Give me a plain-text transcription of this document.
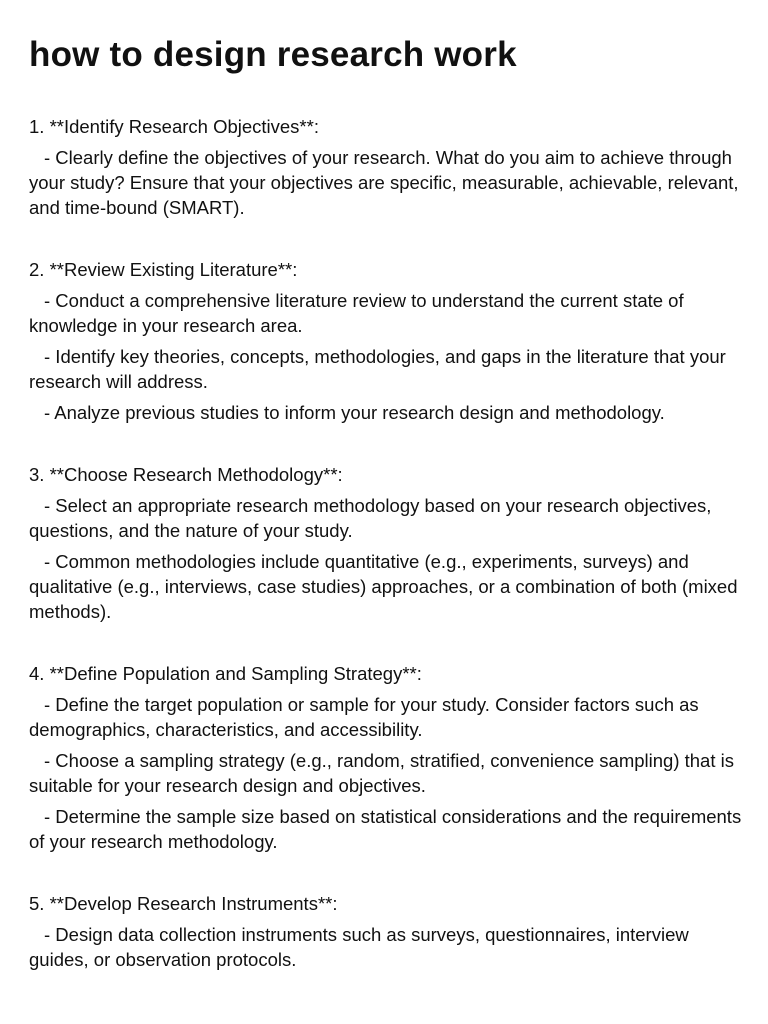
how to design research work
1. **Identify Research Objectives**:
- Clearly define the objectives of your research. What do you aim to achieve through your study? Ensure that your objectives are specific, measurable, achievable, relevant, and time-bound (SMART).
2. **Review Existing Literature**:
- Conduct a comprehensive literature review to understand the current state of knowledge in your research area.
- Identify key theories, concepts, methodologies, and gaps in the literature that your research will address.
- Analyze previous studies to inform your research design and methodology.
3. **Choose Research Methodology**:
- Select an appropriate research methodology based on your research objectives, questions, and the nature of your study.
- Common methodologies include quantitative (e.g., experiments, surveys) and qualitative (e.g., interviews, case studies) approaches, or a combination of both (mixed methods).
4. **Define Population and Sampling Strategy**:
- Define the target population or sample for your study. Consider factors such as demographics, characteristics, and accessibility.
- Choose a sampling strategy (e.g., random, stratified, convenience sampling) that is suitable for your research design and objectives.
- Determine the sample size based on statistical considerations and the requirements of your research methodology.
5. **Develop Research Instruments**:
- Design data collection instruments such as surveys, questionnaires, interview guides, or observation protocols.
